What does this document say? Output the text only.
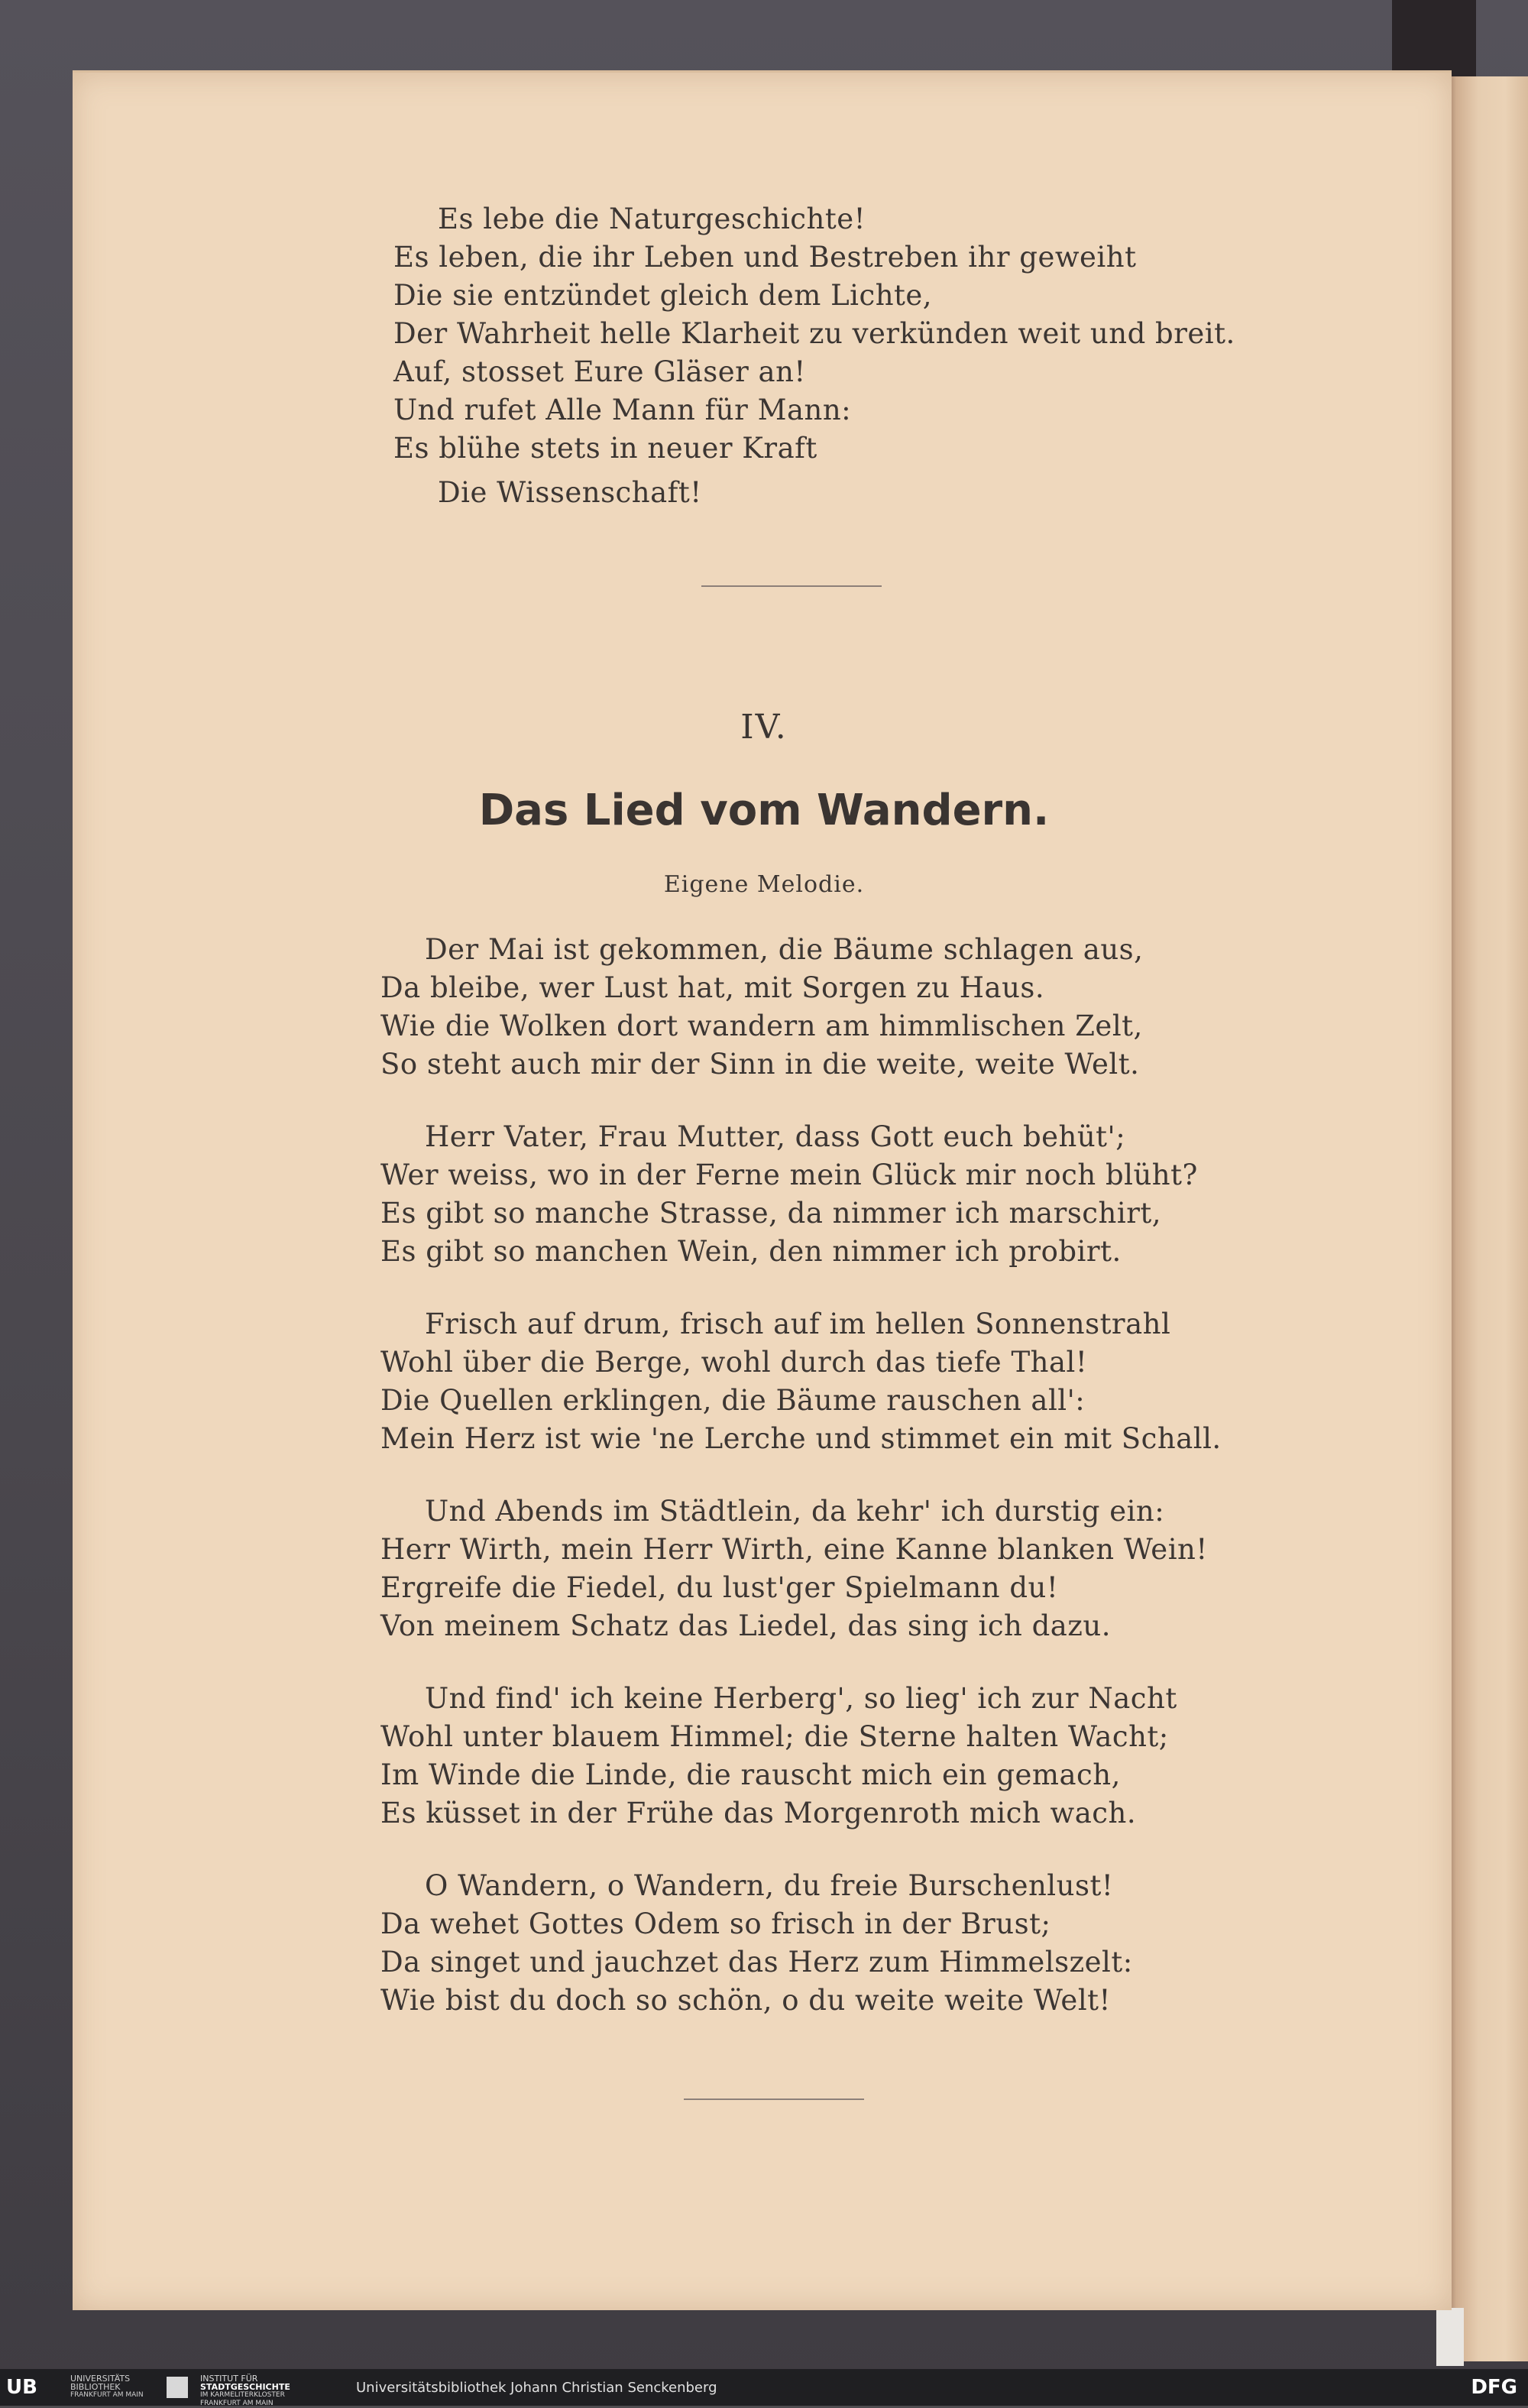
Es lebe die Naturgeschichte!
Es leben, die ihr Leben und Bestreben ihr geweiht
Die sie entzündet gleich dem Lichte,
Der Wahrheit helle Klarheit zu verkünden weit und breit.
Auf, stosset Eure Gläser an!
Und rufet Alle Mann für Mann:
Es blühe stets in neuer Kraft
Die Wissenschaft!
IV.
Das Lied vom Wandern.
Eigene Melodie.
Der Mai ist gekommen, die Bäume schlagen aus,
Da bleibe, wer Lust hat, mit Sorgen zu Haus.
Wie die Wolken dort wandern am himmlischen Zelt,
So steht auch mir der Sinn in die weite, weite Welt.
Herr Vater, Frau Mutter, dass Gott euch behüt';
Wer weiss, wo in der Ferne mein Glück mir noch blüht?
Es gibt so manche Strasse, da nimmer ich marschirt,
Es gibt so manchen Wein, den nimmer ich probirt.
Frisch auf drum, frisch auf im hellen Sonnenstrahl
Wohl über die Berge, wohl durch das tiefe Thal!
Die Quellen erklingen, die Bäume rauschen all':
Mein Herz ist wie 'ne Lerche und stimmet ein mit Schall.
Und Abends im Städtlein, da kehr' ich durstig ein:
Herr Wirth, mein Herr Wirth, eine Kanne blanken Wein!
Ergreife die Fiedel, du lust'ger Spielmann du!
Von meinem Schatz das Liedel, das sing ich dazu.
Und find' ich keine Herberg', so lieg' ich zur Nacht
Wohl unter blauem Himmel; die Sterne halten Wacht;
Im Winde die Linde, die rauscht mich ein gemach,
Es küsset in der Frühe das Morgenroth mich wach.
O Wandern, o Wandern, du freie Burschenlust!
Da wehet Gottes Odem so frisch in der Brust;
Da singet und jauchzet das Herz zum Himmelszelt:
Wie bist du doch so schön, o du weite weite Welt!
UB	UNIVERSITÄTS
BIBLIOTHEK
FRANKFURT AM MAIN
INSTITUT FÜR
STADTGESCHICHTE
IM KARMELITERKLOSTER
FRANKFURT AM MAIN
Universitätsbibliothek Johann Christian Senckenberg	DFG
